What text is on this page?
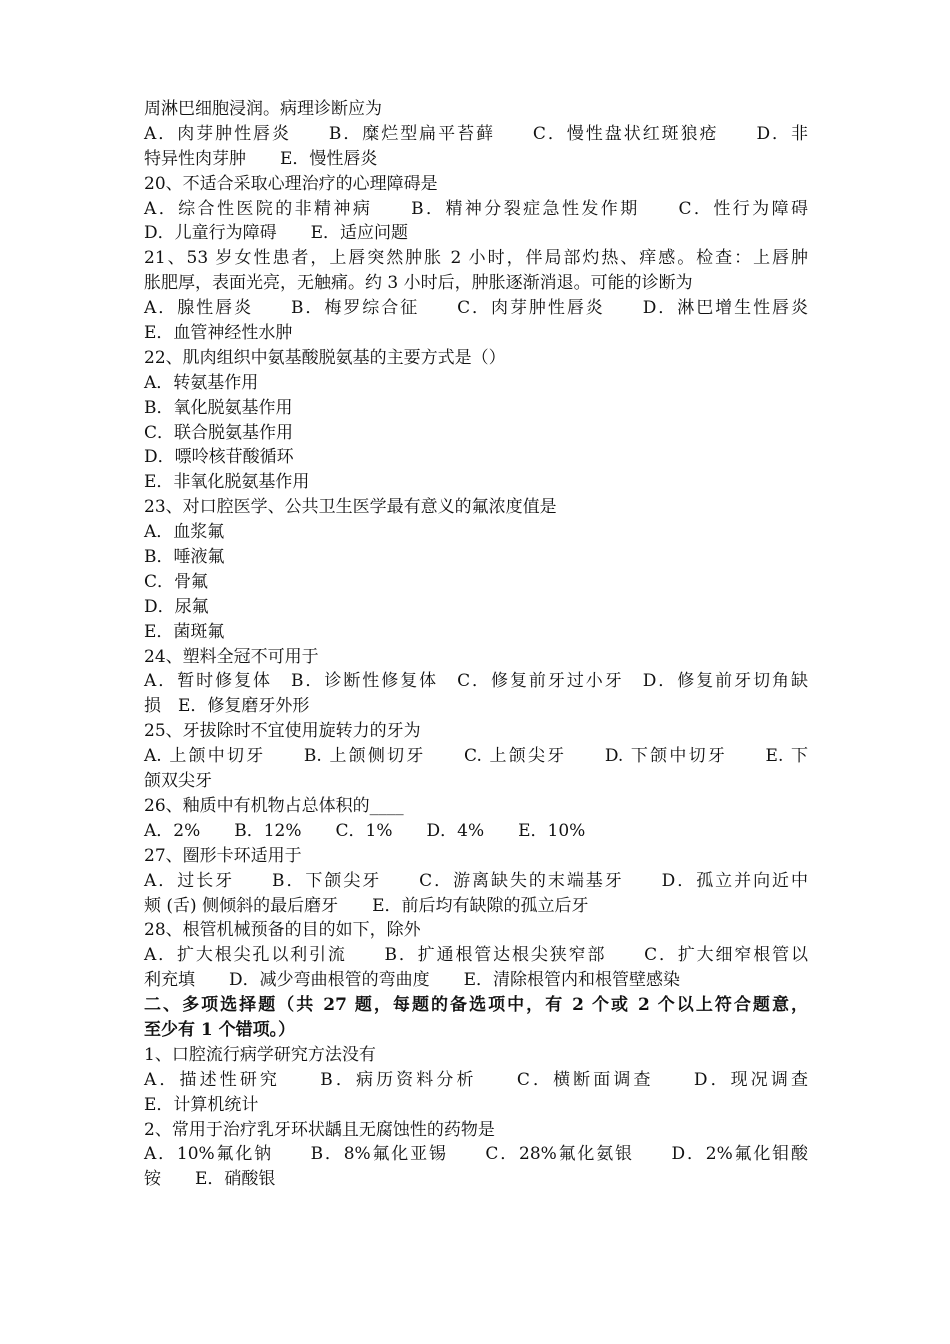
周淋巴细胞浸润。病理诊断应为
A．肉芽肿性唇炎　　B．糜烂型扁平苔藓　　C．慢性盘状红斑狼疮　　D．非
特异性肉芽肿　　E．慢性唇炎
20、不适合采取心理治疗的心理障碍是
A．综合性医院的非精神病　　B．精神分裂症急性发作期　　C．性行为障碍
D．儿童行为障碍　　E．适应问题
21、53 岁女性患者，上唇突然肿胀 2 小时，伴局部灼热、痒感。检查：上唇肿
胀肥厚，表面光亮，无触痛。约 3 小时后，肿胀逐渐消退。可能的诊断为
A．腺性唇炎　　B．梅罗综合征　　C．肉芽肿性唇炎　　D．淋巴增生性唇炎
E．血管神经性水肿
22、肌肉组织中氨基酸脱氨基的主要方式是（）
A．转氨基作用
B．氧化脱氨基作用
C．联合脱氨基作用
D．嘌呤核苷酸循环
E．非氧化脱氨基作用
23、对口腔医学、公共卫生医学最有意义的氟浓度值是
A．血浆氟
B．唾液氟
C．骨氟
D．尿氟
E．菌斑氟
24、塑料全冠不可用于
A．暂时修复体　B．诊断性修复体　C．修复前牙过小牙　D．修复前牙切角缺
损　E．修复磨牙外形
25、牙拔除时不宜使用旋转力的牙为
A. 上颌中切牙　　B. 上颌侧切牙　　C. 上颌尖牙　　D. 下颌中切牙　　E. 下
颌双尖牙
26、釉质中有机物占总体积的____
A．2%　　B．12%　　C．1%　　D．4%　　E．10%
27、圈形卡环适用于
A．过长牙　　B．下颌尖牙　　C．游离缺失的末端基牙　　D．孤立并向近中
颊 (舌) 侧倾斜的最后磨牙　　E．前后均有缺隙的孤立后牙
28、根管机械预备的目的如下，除外
A．扩大根尖孔以利引流　　B．扩通根管达根尖狭窄部　　C．扩大细窄根管以
利充填　　D．减少弯曲根管的弯曲度　　E．清除根管内和根管壁感染
二、多项选择题（共 27 题，每题的备选项中，有 2 个或 2 个以上符合题意，
至少有 1 个错项。）
1、口腔流行病学研究方法没有
A．描述性研究　　B．病历资料分析　　C．横断面调查　　D．现况调查
E．计算机统计
2、常用于治疗乳牙环状龋且无腐蚀性的药物是
A．10%氟化钠　　B．8%氟化亚锡　　C．28%氟化氨银　　D．2%氟化钼酸
铵　　E．硝酸银
